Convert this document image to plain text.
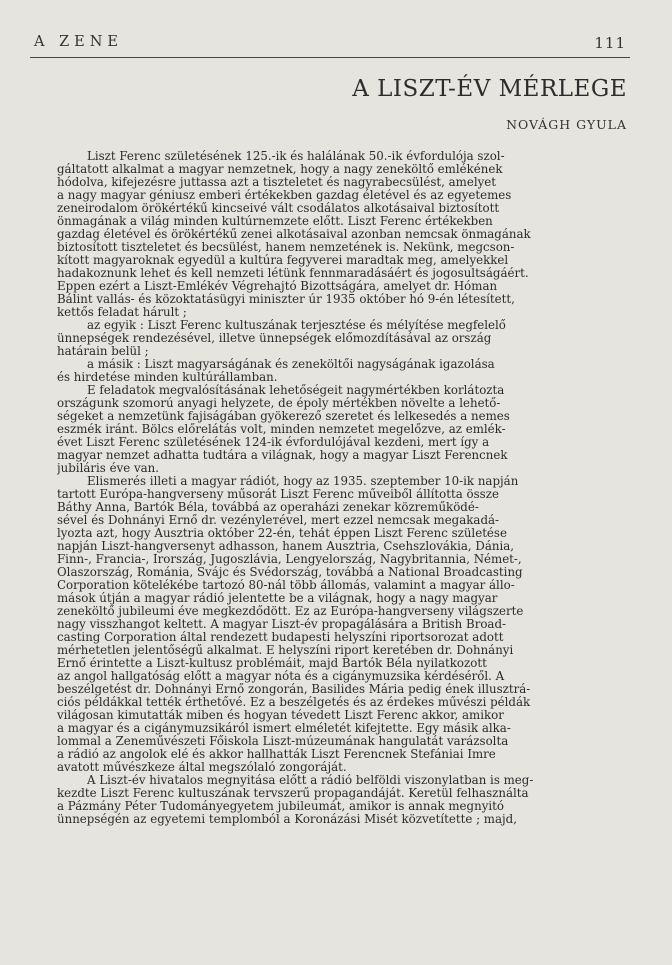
A ZENE	111
A LISZT-ÉV MÉRLEGE
NOVÁGH GYULA
Liszt Ferenc születésének 125.-ik és halálának 50.-ik évfordulója szol-
gáltatott alkalmat a magyar nemzetnek, hogy a nagy zeneköltő emlékének
hódolva, kifejezésre juttassa azt a tiszteletet és nagyrabecsülést, amelyet
a nagy magyar géniusz emberi értékekben gazdag életével és az egyetemes
zeneirodalom örökértékű kincseivé vált csodálatos alkotásaival biztosított
önmagának a világ minden kultúrnemzete előtt. Liszt Ferenc értékekben
gazdag életével és örökértékű zenei alkotásaival azonban nemcsak önmagának
biztosított tiszteletet és becsülést, hanem nemzetének is. Nekünk, megcson-
kított magyaroknak egyedül a kultúra fegyverei maradtak meg, amelyekkel
hadakoznunk lehet és kell nemzeti létünk fennmaradásáért és jogosultságáért.
Éppen ezért a Liszt-Emlékév Végrehajtó Bizottságára, amelyet dr. Hóman
Bálint vallás- és közoktatásügyi miniszter úr 1935 október hó 9-én létesített,
kettős feladat hárult ;
az egyik : Liszt Ferenc kultuszának terjesztése és mélyítése megfelelő
ünnepségek rendezésével, illetve ünnepségek előmozdításával az ország
határain belül ;
a másik : Liszt magyarságának és zeneköltői nagyságának igazolása
és hirdetése minden kultúrállamban.
E feladatok megvalósításának lehetőségeit nagymértékben korlátozta
országunk szomorú anyagi helyzete, de époly mértékben növelte a lehető-
ségeket a nemzetünk fajiságában gyökerező szeretet és lelkesedés a nemes
eszmék iránt. Bölcs előrelátás volt, minden nemzetet megelőzve, az emlék-
évet Liszt Ferenc születésének 124-ik évfordulójával kezdeni, mert így a
magyar nemzet adhatta tudtára a világnak, hogy a magyar Liszt Ferencnek
jubiláris éve van.
Elismerés illeti a magyar rádiót, hogy az 1935. szeptember 10-ik napján
tartott Európa-hangverseny műsorát Liszt Ferenc műveiből állította össze
Báthy Anna, Bartók Béla, továbbá az operaházi zenekar közreműködé-
sével és Dohnányi Ernő dr. vezénylетével, mert ezzel nemcsak megakadá-
lyozta azt, hogy Ausztria október 22-én, tehát éppen Liszt Ferenc születése
napján Liszt-hangversenyt adhasson, hanem Ausztria, Csehszlovákia, Dánia,
Finn-, Francia-, Írország, Jugoszlávia, Lengyelország, Nagybritannia, Német-,
Olaszország, Románia, Svájc és Svédország, továbbá a National Broadcasting
Corporation kötelékébe tartozó 80-nál több állomás, valamint a magyar állo-
mások útján a magyar rádió jelentette be a világnak, hogy a nagy magyar
zeneköltő jubileumi éve megkezdődött. Ez az Európa-hangverseny világszerte
nagy visszhangot keltett. A magyar Liszt-év propagálására a British Broad-
casting Corporation által rendezett budapesti helyszíni riportsorozat adott
mérhetetlen jelentőségű alkalmat. E helyszíni riport keretében dr. Dohnányi
Ernő érintette a Liszt-kultusz problémáit, majd Bartók Béla nyilatkozott
az angol hallgatóság előtt a magyar nóta és a cigánymuzsika kérdéséről. A
beszélgetést dr. Dohnányi Ernő zongorán, Basilides Mária pedig ének illusztrá-
ciós példákkal tették érthetővé. Ez a beszélgetés és az érdekes művészi példák
világosan kimutatták miben és hogyan tévedett Liszt Ferenc akkor, amikor
a magyar és a cigánymuzsikáról ismert elméletét kifejtette. Egy másik alka-
lommal a Zeneművészeti Főiskola Liszt-múzeumának hangulatát varázsolta
a rádió az angolok elé és akkor hallhatták Liszt Ferencnek Stefániai Imre
avatott művészkeze által megszólaló zongoráját.
A Liszt-év hivatalos megnyitása előtt a rádió belföldi viszonylatban is meg-
kezdte Liszt Ferenc kultuszának tervszerű propagandáját. Keretül felhasználta
a Pázmány Péter Tudományegyetem jubileumát, amikor is annak megnyitó
ünnepségén az egyetemi templomból a Koronázási Misét közvetítette ; majd,
